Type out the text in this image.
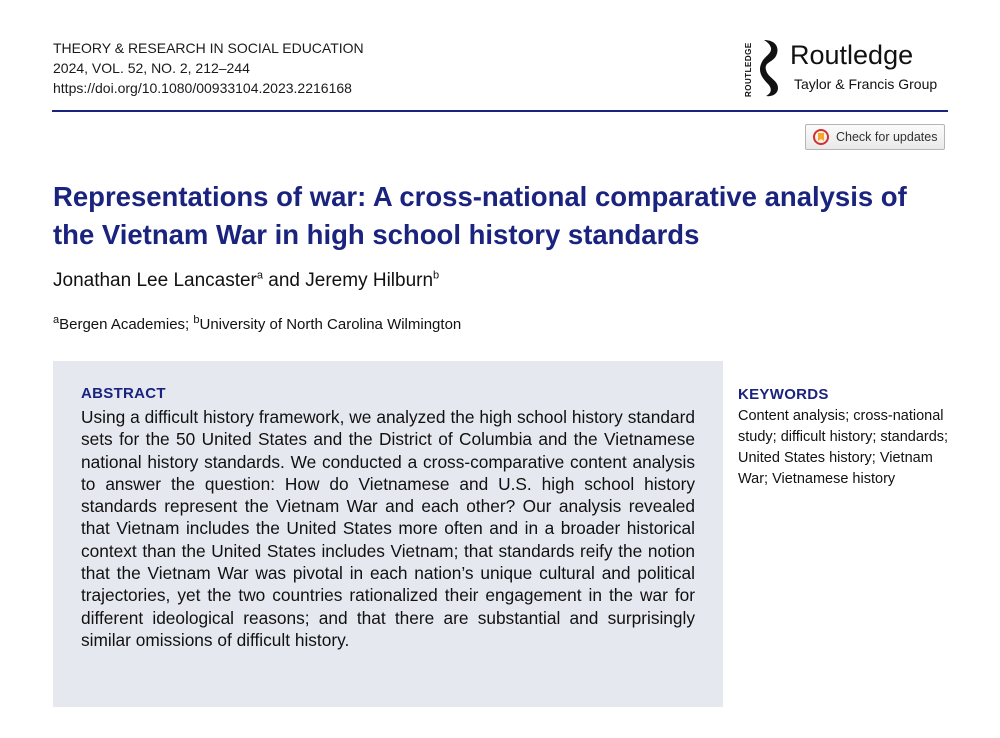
THEORY & RESEARCH IN SOCIAL EDUCATION
2024, VOL. 52, NO. 2, 212–244
https://doi.org/10.1080/00933104.2023.2216168	ROUTLEDGE Routledge
Taylor & Francis Group
Check for updates
Representations of war: A cross-national comparative analysis of the Vietnam War in high school history standards
Jonathan Lee Lancaster$^a$ and Jeremy Hilburn$^b$
$^a$Bergen Academies; $^b$University of North Carolina Wilmington
ABSTRACT

Using a difficult history framework, we analyzed the high school history standard sets for the 50 United States and the District of Columbia and the Vietnamese national history standards. We conducted a cross-comparative content analysis to answer the question: How do Vietnamese and U.S. high school history standards represent the Vietnam War and each other? Our analysis revealed that Vietnam includes the United States more often and in a broader historical context than the United States includes Vietnam; that standards reify the notion that the Vietnam War was pivotal in each nation’s unique cultural and political trajectories, yet the two countries rationalized their engagement in the war for different ideological reasons; and that there are substantial and surprisingly similar omissions of difficult history.

KEYWORDS

Content analysis; cross-national study; difficult history; standards; United States history; Vietnam War; Vietnamese history
